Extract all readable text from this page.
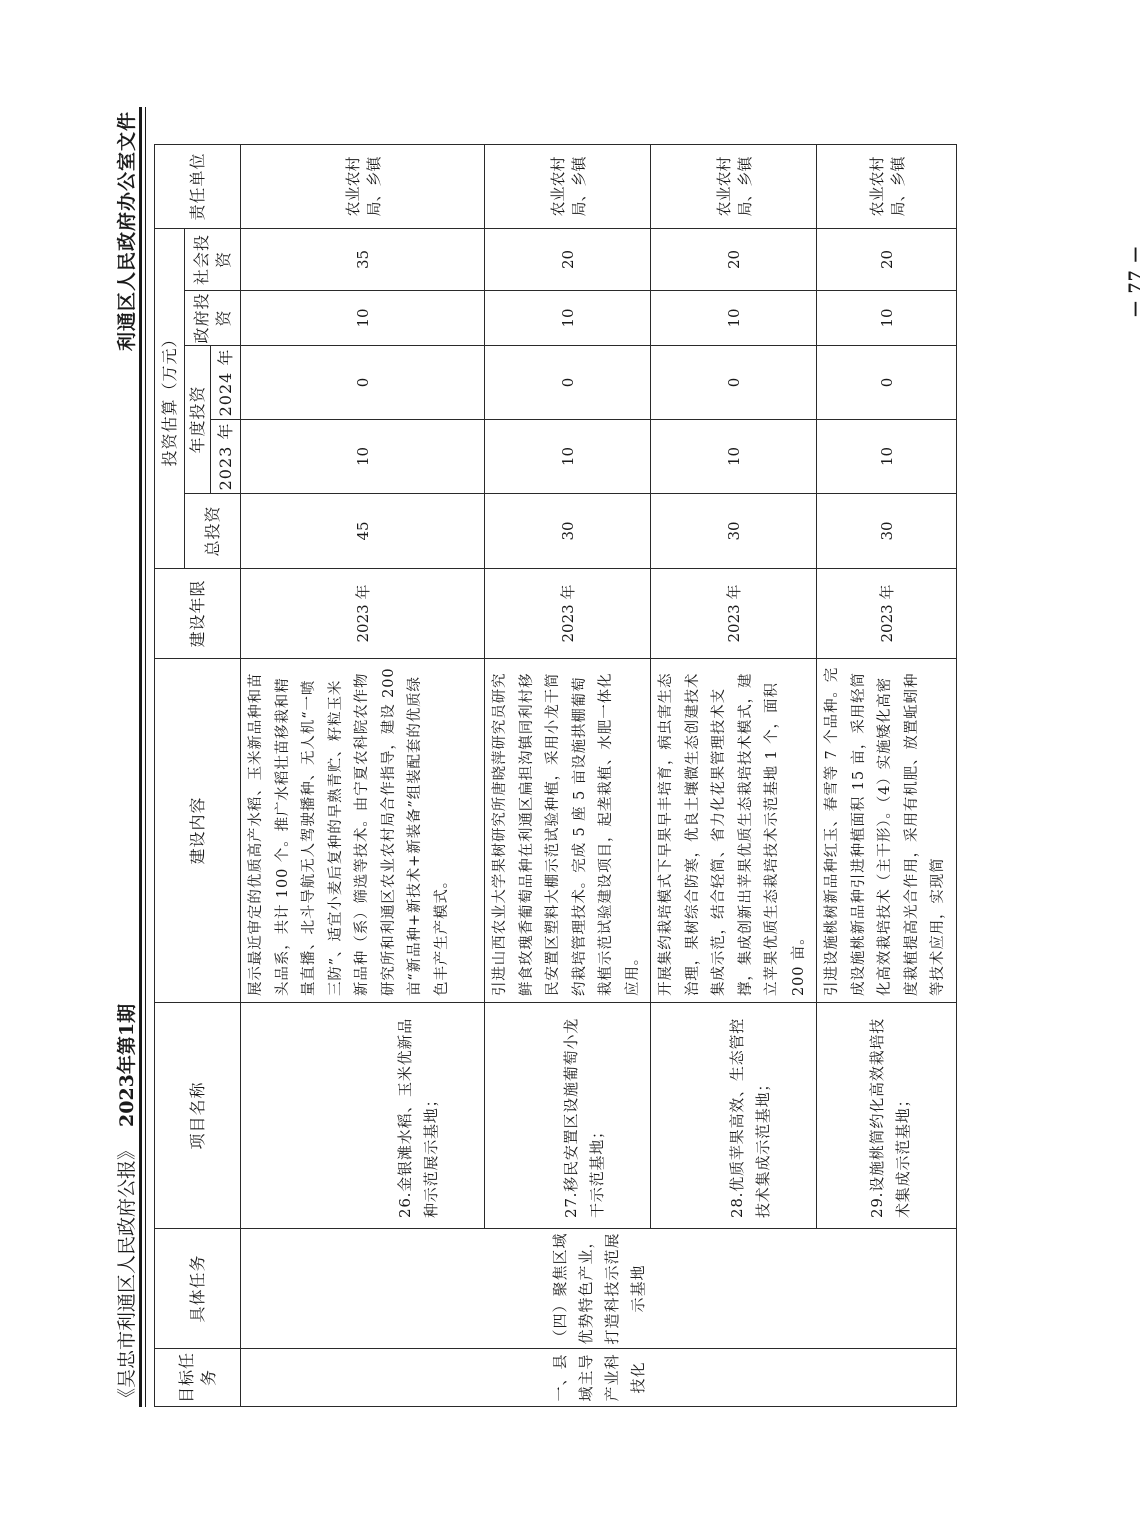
《吴忠市利通区人民政府公报》2023年第1期
利通区人民政府办公室文件
目标任务	具体任务	项目名称	建设内容	建设年限	投资估算（万元）					责任单位
					总投资	年度投资		政府投资	社会投资	
						2023 年	2024 年			
一、县域主导产业科技化	（四）聚焦区域优势特色产业，打造科技示范展示基地	26.金银滩水稻、玉米优新品种示范展示基地；	展示最近审定的优质高产水稻、玉米新品种和苗头品系，共计 100 个。推广水稻壮苗移栽和精量直播、北斗导航无人驾驶播种、无人机“一喷三防”、适宜小麦后复种的早熟青贮、籽粒玉米新品种（系）筛选等技术。由宁夏农科院农作物研究所和利通区农业农村局合作指导，建设 200 亩“新品种+新技术+新装备”组装配套的优质绿色丰产生产模式。	2023 年	45	10	0	10	35	农业农村局、乡镇
		27.移民安置区设施葡萄小龙干示范基地；	引进山西农业大学果树研究所唐晓萍研究员研究鲜食玫瑰香葡萄品种在利通区扁担沟镇同利村移民安置区塑料大棚示范试验种植，采用小龙干简约栽培管理技术。完成 5 座 5 亩设施拱棚葡萄栽植示范试验建设项目，起垄栽植、水肥一体化应用。	2023 年	30	10	0	10	20	农业农村局、乡镇
		28.优质苹果高效、生态管控技术集成示范基地；	开展集约栽培模式下早果早丰培育，病虫害生态治理，果树综合防寒，优良土壤微生态创建技术集成示范，结合轻简、省力化花果管理技术支撑，集成创新出苹果优质生态栽培技术模式，建立苹果优质生态栽培技术示范基地 1 个，面积 200 亩。	2023 年	30	10	0	10	20	农业农村局、乡镇
		29.设施桃简约化高效栽培技术集成示范基地；	引进设施桃树新品种红玉、春雪等 7 个品种。完成设施桃新品种引进种植面积 15 亩，采用轻简化高效栽培技术（主干形）。（4）实施矮化高密度栽植提高光合作用，采用有机肥、放置蚯蚓种等技术应用，实现简	2023 年	30	10	0	10	20	农业农村局、乡镇
— 77 —
